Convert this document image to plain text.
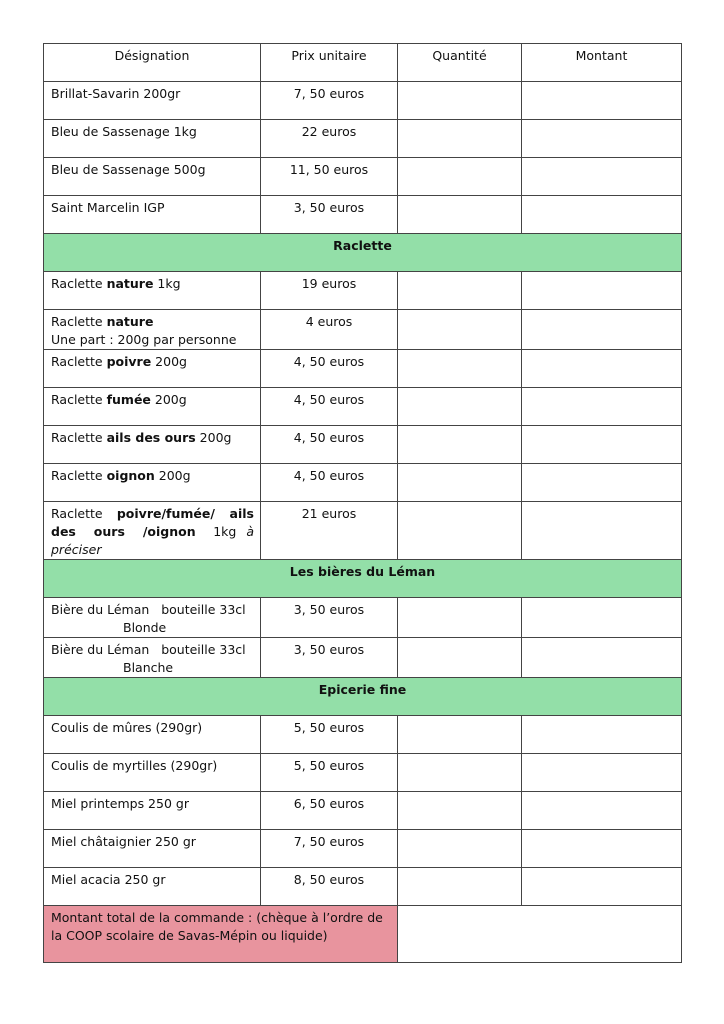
Désignation	Prix unitaire	Quantité	Montant

Brillat-Savarin 200gr	7, 50 euros		

Bleu de Sassenage 1kg	22 euros		

Bleu de Sassenage 500g	11, 50 euros		

Saint Marcelin IGP	3, 50 euros		

Raclette			

Raclette nature 1kg	19 euros		

Raclette nature
Une part : 200g par personne	4 euros		

Raclette poivre 200g	4, 50 euros		

Raclette fumée 200g	4, 50 euros		

Raclette ails des ours 200g	4, 50 euros		

Raclette oignon 200g	4, 50 euros		

Raclette poivre/fumée/ ails des ours /oignon 1kg à préciser	21 euros		

Les bières du Léman			

Bière du Léman   bouteille 33cl
Blonde	3, 50 euros		

Bière du Léman   bouteille 33cl
Blanche	3, 50 euros		

Epicerie fine			

Coulis de mûres (290gr)	5, 50 euros		

Coulis de myrtilles (290gr)	5, 50 euros		

Miel printemps 250 gr	6, 50 euros		

Miel châtaignier 250 gr	7, 50 euros		

Miel acacia 250 gr	8, 50 euros		

Montant total de la commande : (chèque à l’ordre de la COOP scolaire de Savas-Mépin ou liquide)			
